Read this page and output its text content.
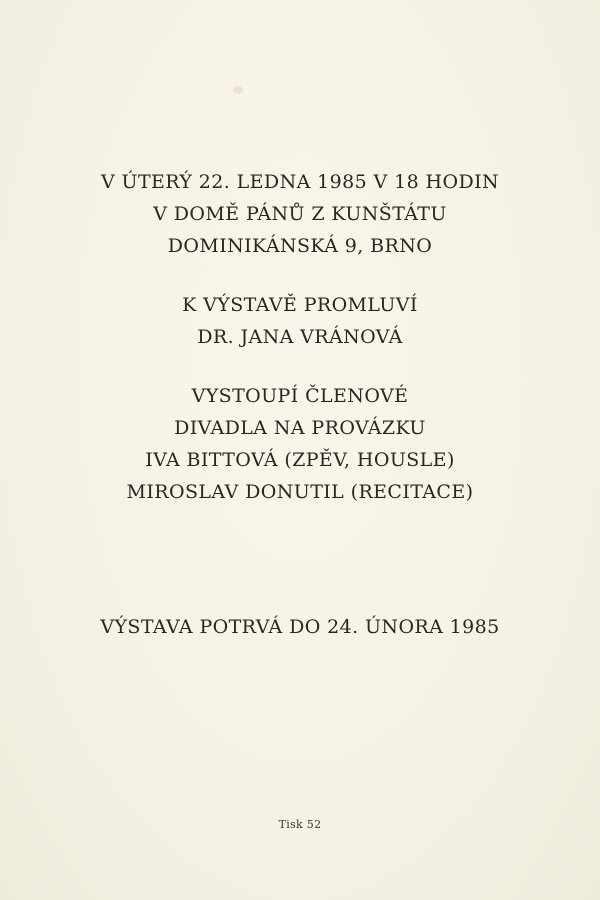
V ÚTERÝ 22. LEDNA 1985 V 18 HODIN
V DOMĚ PÁNŮ Z KUNŠTÁTU
DOMINIKÁNSKÁ 9, BRNO
K VÝSTAVĚ PROMLUVÍ
DR. JANA VRÁNOVÁ
VYSTOUPÍ ČLENOVÉ
DIVADLA NA PROVÁZKU
IVA BITTOVÁ (ZPĚV, HOUSLE)
MIROSLAV DONUTIL (RECITACE)
VÝSTAVA POTRVÁ DO 24. ÚNORA 1985
Tisk 52
